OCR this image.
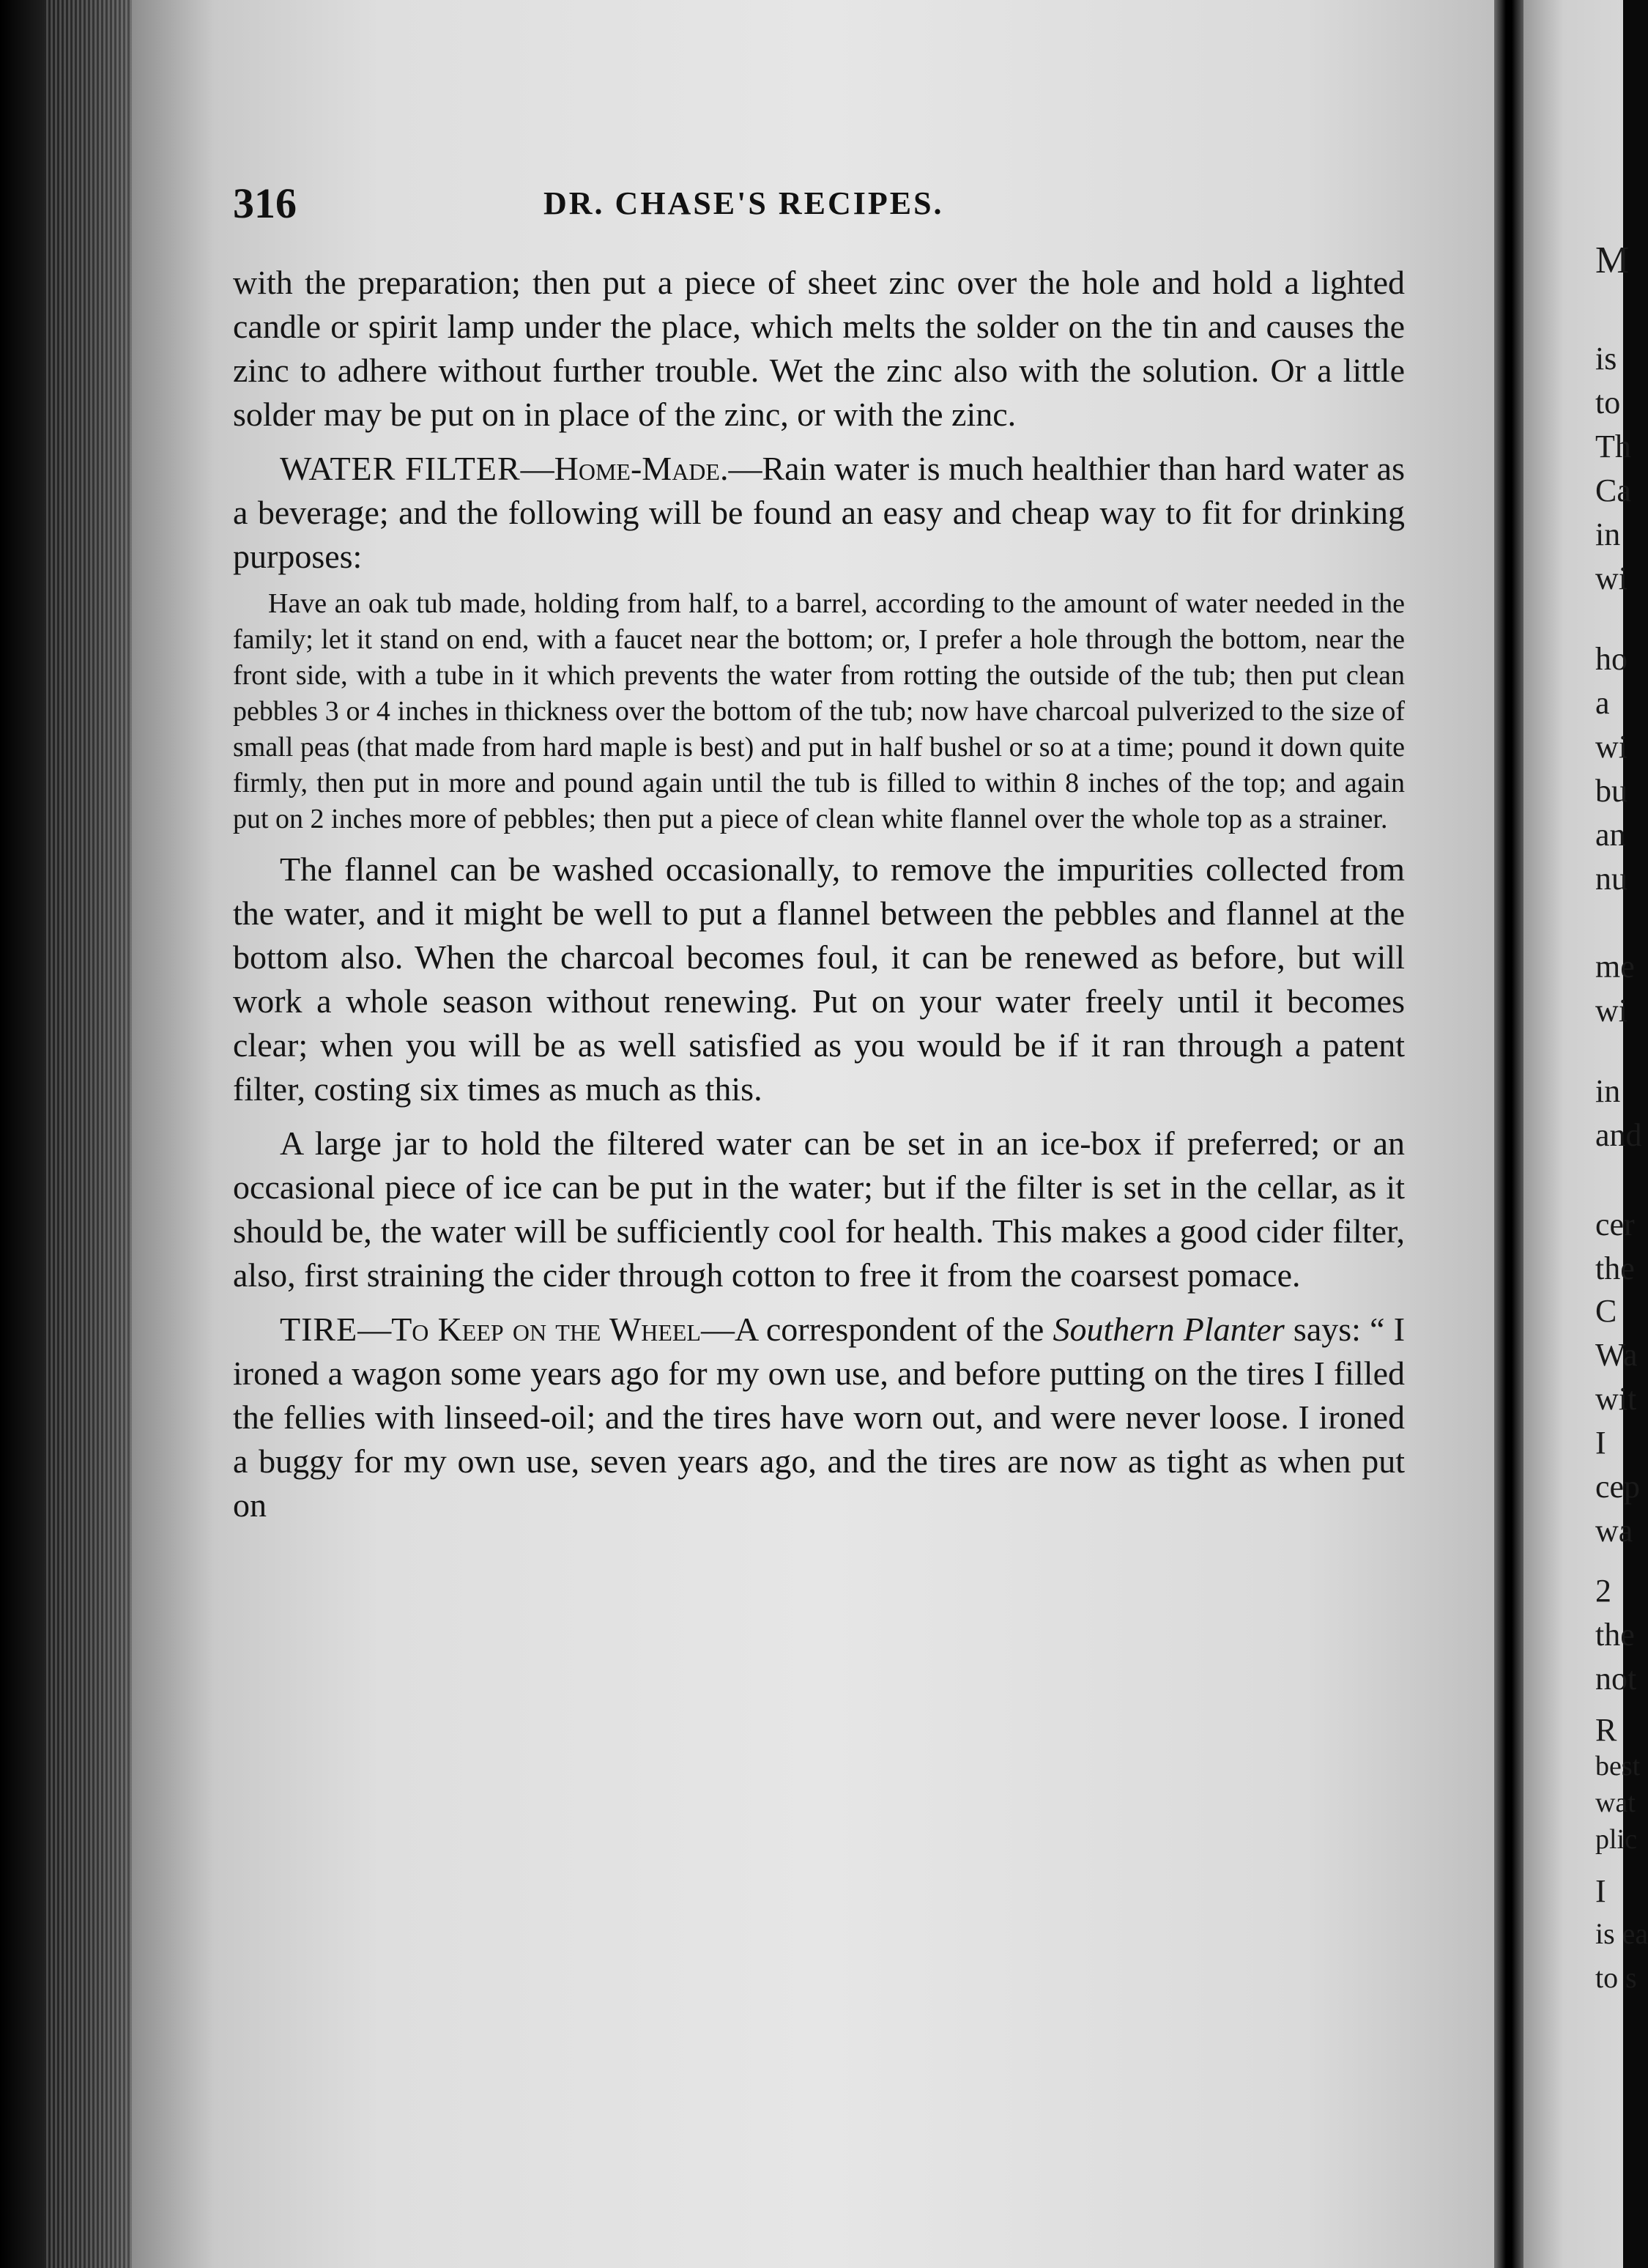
M
is
to
Th
Ca
in
wi
ho
a
wi
bu
an
nu
me
wi
in
and
cer
the
C
Wa
wit
I
cep
wa
2
the
not
R
best
wat
plic
I
is ea
to s
316	DR. CHASE'S RECIPES.

with the preparation; then put a piece of sheet zinc over the hole and hold a lighted candle or spirit lamp under the place, which melts the solder on the tin and causes the zinc to adhere without further trouble. Wet the zinc also with the solution. Or a little solder may be put on in place of the zinc, or with the zinc.

WATER FILTER—Home-Made.—Rain water is much healthier than hard water as a beverage; and the following will be found an easy and cheap way to fit for drinking purposes:

Have an oak tub made, holding from half, to a barrel, according to the amount of water needed in the family; let it stand on end, with a faucet near the bottom; or, I prefer a hole through the bottom, near the front side, with a tube in it which prevents the water from rotting the outside of the tub; then put clean pebbles 3 or 4 inches in thickness over the bottom of the tub; now have charcoal pulverized to the size of small peas (that made from hard maple is best) and put in half bushel or so at a time; pound it down quite firmly, then put in more and pound again until the tub is filled to within 8 inches of the top; and again put on 2 inches more of pebbles; then put a piece of clean white flannel over the whole top as a strainer.

The flannel can be washed occasionally, to remove the impurities collected from the water, and it might be well to put a flannel between the pebbles and flannel at the bottom also. When the charcoal becomes foul, it can be renewed as before, but will work a whole season without renewing. Put on your water freely until it becomes clear; when you will be as well satisfied as you would be if it ran through a patent filter, costing six times as much as this.

A large jar to hold the filtered water can be set in an ice-box if preferred; or an occasional piece of ice can be put in the water; but if the filter is set in the cellar, as it should be, the water will be sufficiently cool for health. This makes a good cider filter, also, first straining the cider through cotton to free it from the coarsest pomace.

TIRE—To Keep on the Wheel—A correspondent of the Southern Planter says: “ I ironed a wagon some years ago for my own use, and before putting on the tires I filled the fellies with linseed-oil; and the tires have worn out, and were never loose. I ironed a buggy for my own use, seven years ago, and the tires are now as tight as when put on
